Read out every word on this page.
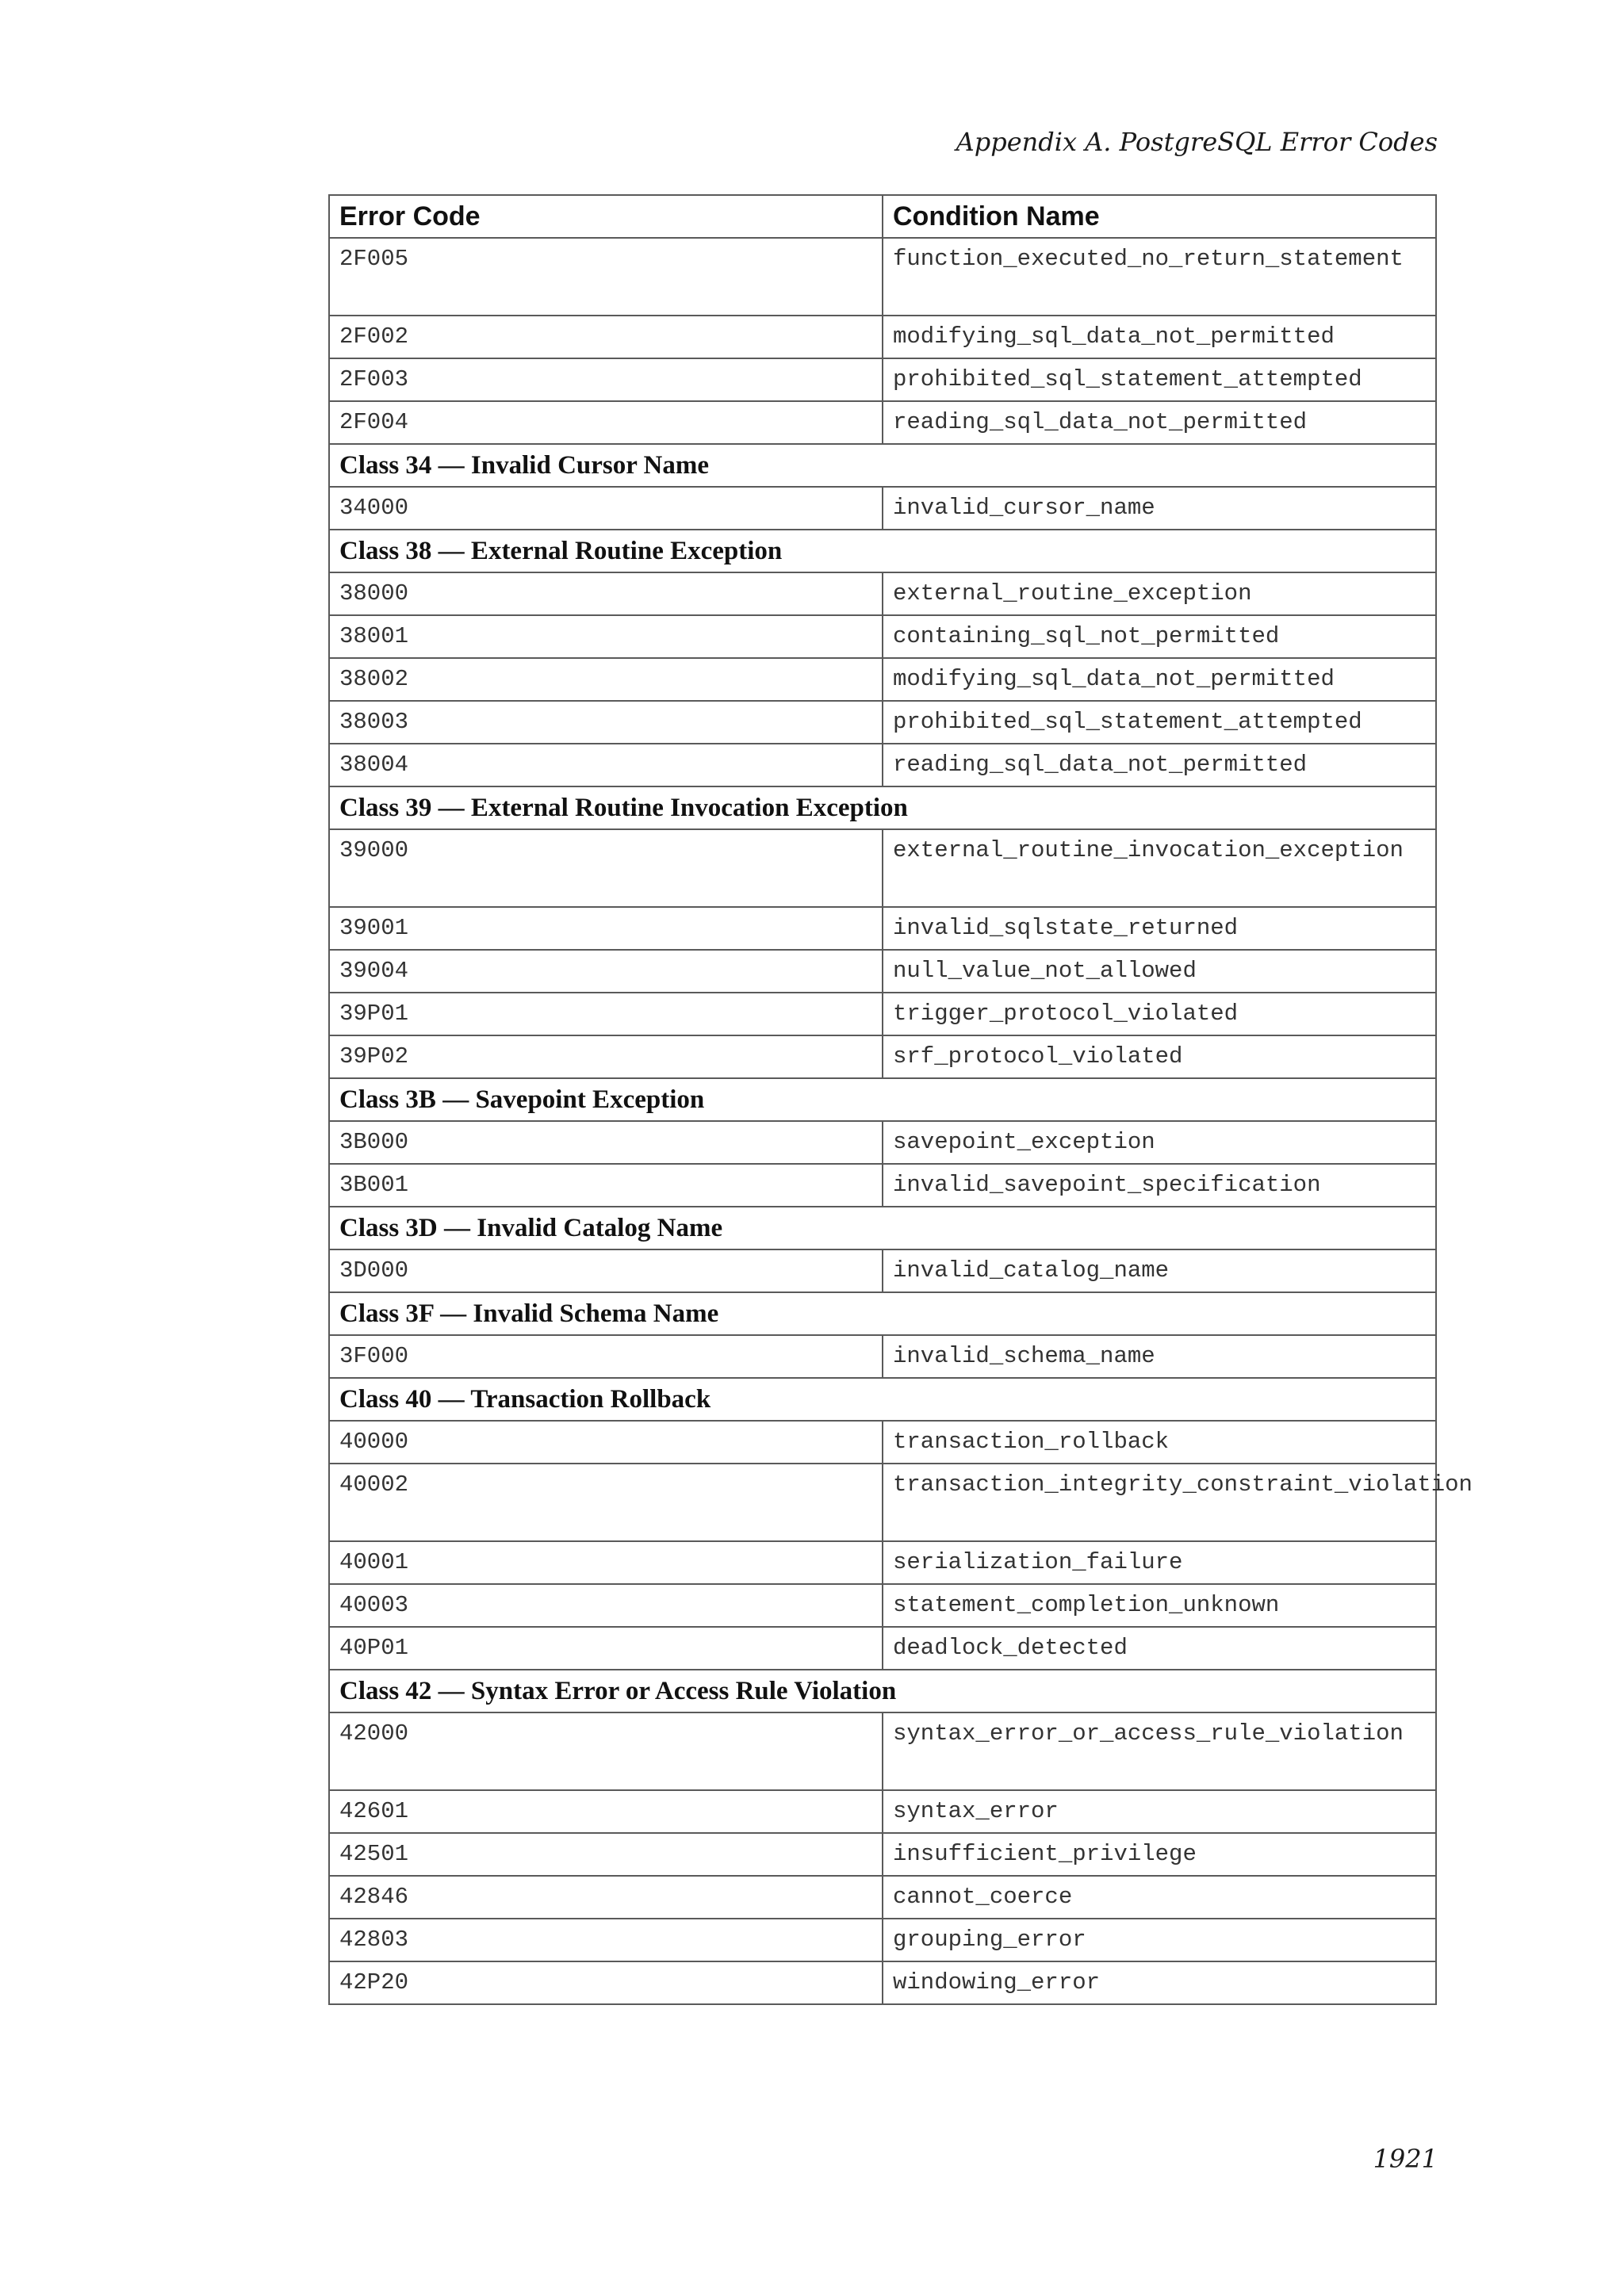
Appendix A. PostgreSQL Error Codes
Error Code	Condition Name
2F005	function_executed_no_return_statement
2F002	modifying_sql_data_not_permitted
2F003	prohibited_sql_statement_attempted
2F004	reading_sql_data_not_permitted
Class 34 — Invalid Cursor Name	
34000	invalid_cursor_name
Class 38 — External Routine Exception	
38000	external_routine_exception
38001	containing_sql_not_permitted
38002	modifying_sql_data_not_permitted
38003	prohibited_sql_statement_attempted
38004	reading_sql_data_not_permitted
Class 39 — External Routine Invocation Exception	
39000	external_routine_invocation_exception
39001	invalid_sqlstate_returned
39004	null_value_not_allowed
39P01	trigger_protocol_violated
39P02	srf_protocol_violated
Class 3B — Savepoint Exception	
3B000	savepoint_exception
3B001	invalid_savepoint_specification
Class 3D — Invalid Catalog Name	
3D000	invalid_catalog_name
Class 3F — Invalid Schema Name	
3F000	invalid_schema_name
Class 40 — Transaction Rollback	
40000	transaction_rollback
40002	transaction_integrity_constraint_violation
40001	serialization_failure
40003	statement_completion_unknown
40P01	deadlock_detected
Class 42 — Syntax Error or Access Rule Violation	
42000	syntax_error_or_access_rule_violation
42601	syntax_error
42501	insufficient_privilege
42846	cannot_coerce
42803	grouping_error
42P20	windowing_error
1921
